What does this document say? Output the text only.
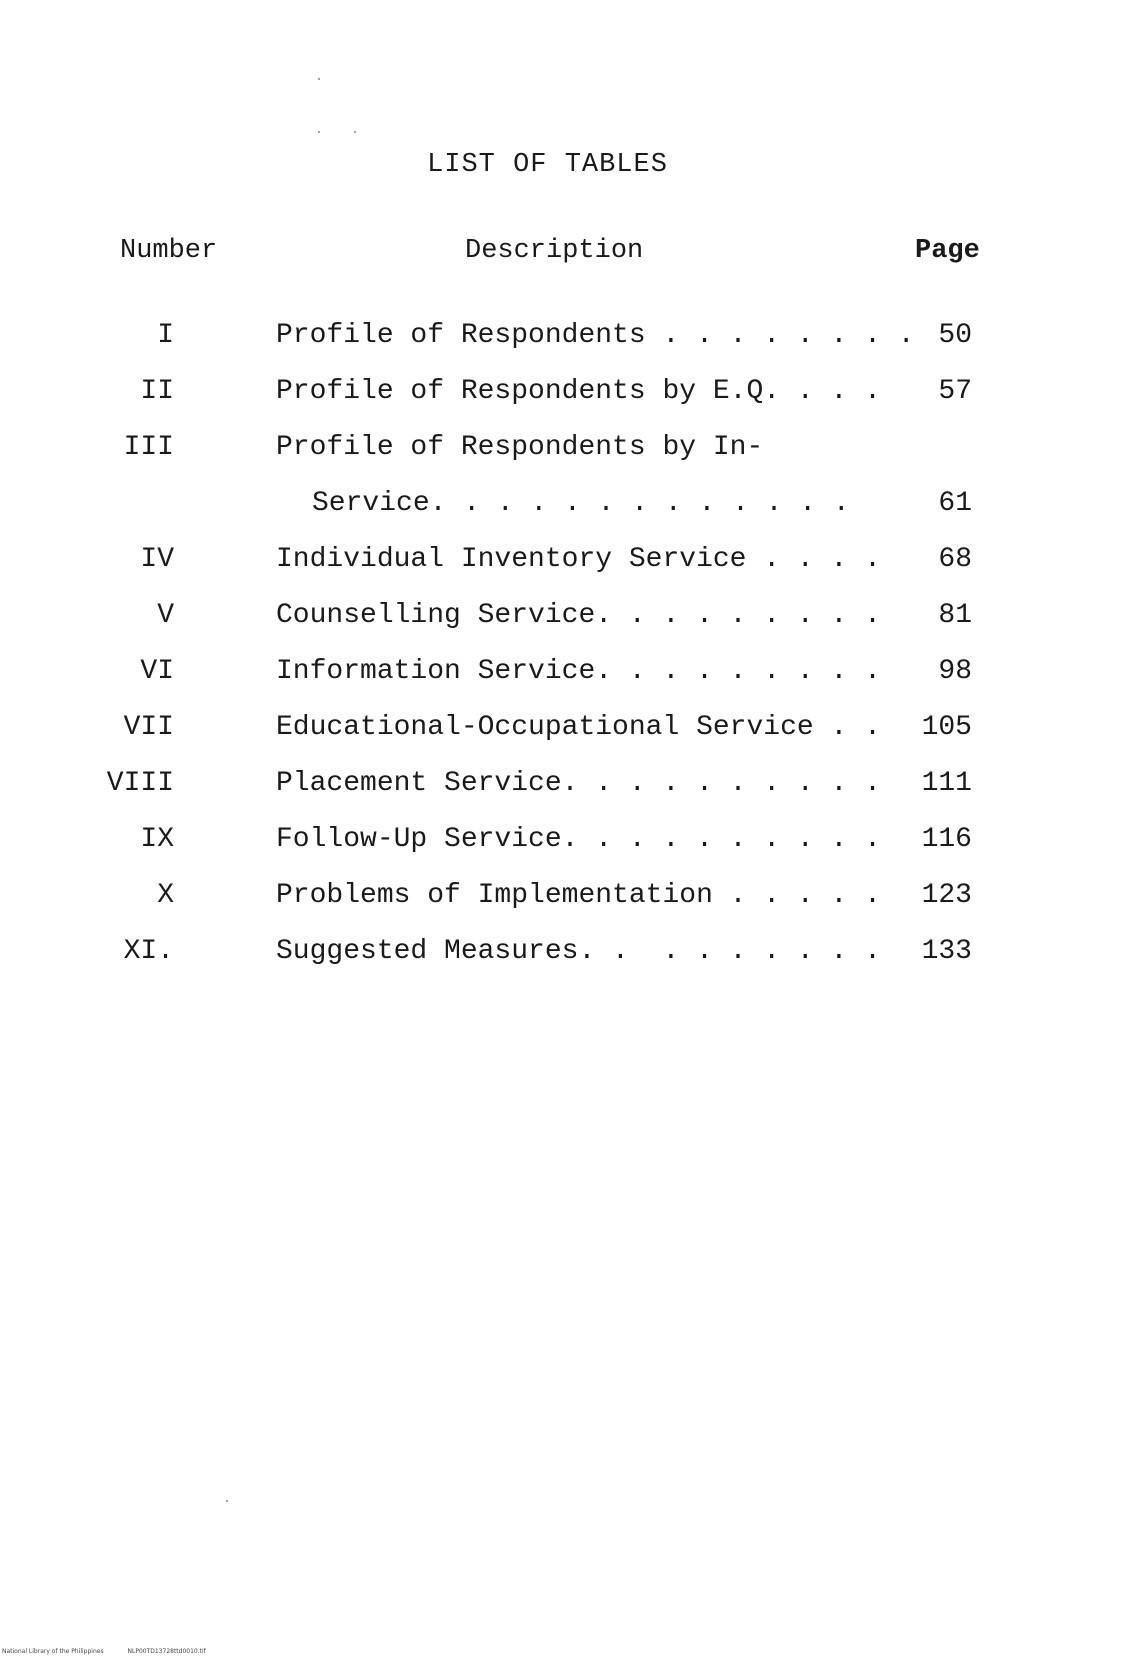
LIST OF TABLES
Number	Description	Page
I	Profile of Respondents . . . . . . . . 50
II	Profile of Respondents by E.Q. . . . 57
III	Profile of Respondents by In-
Service. . . . . . . . . . . . .	61
IV	Individual Inventory Service . . . . 68
V	Counselling Service. . . . . . . . . 81
VI	Information Service. . . . . . . . . 98
VII	Educational-Occupational Service . . 105
VIII	Placement Service. . . . . . . . . . 111
IX	Follow-Up Service. . . . . . . . . . 116
X	Problems of Implementation . . . . . 123
XI.	Suggested Measures. .  . . . . . . . 133
National Library of the Philippines	NLP00TD13728ttd0010.tif
